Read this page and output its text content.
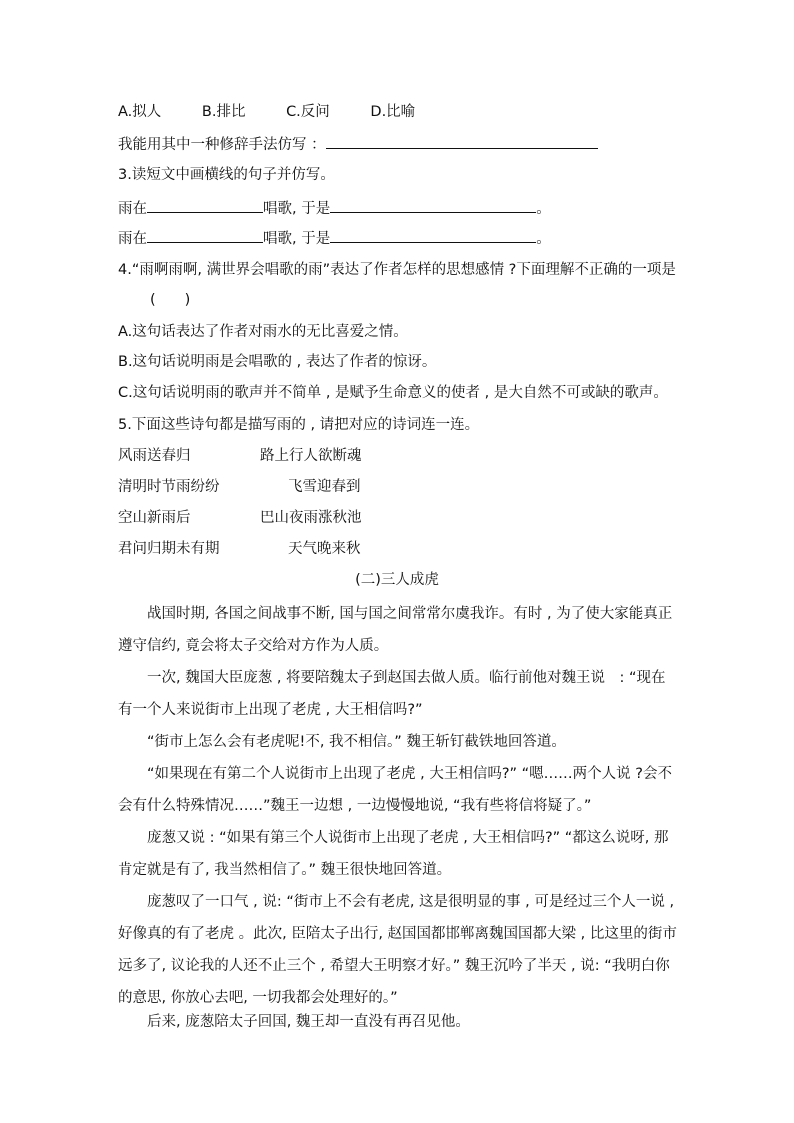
A.拟人	B.排比	C.反问	D.比喻
我能用其中一种修辞手法仿写 ：
3.读短文中画横线的句子并仿写。
雨在	唱歌, 于是	。
雨在	唱歌, 于是	。
4.“雨啊雨啊, 满世界会唱歌的雨”表达了作者怎样的思想感情 ?下面理解不正确的一项是
(　　)
A.这句话表达了作者对雨水的无比喜爱之情。
B.这句话说明雨是会唱歌的 , 表达了作者的惊讶。
C.这句话说明雨的歌声并不简单 , 是赋予生命意义的使者 , 是大自然不可或缺的歌声。
5.下面这些诗句都是描写雨的 , 请把对应的诗词连一连。
风雨送春归	路上行人欲断魂
清明时节雨纷纷	飞雪迎春到
空山新雨后	巴山夜雨涨秋池
君问归期未有期	天气晚来秋
(二)三人成虎
战国时期, 各国之间战事不断, 国与国之间常常尔虞我诈。有时 , 为了使大家能真正遵守信约, 竟会将太子交给对方作为人质。
一次, 魏国大臣庞葱 , 将要陪魏太子到赵国去做人质。临行前他对魏王说　: “现在有一个人来说街市上出现了老虎 , 大王相信吗?”
“街市上怎么会有老虎呢!不, 我不相信。” 魏王斩钉截铁地回答道。
“如果现在有第二个人说街市上出现了老虎 , 大王相信吗?” “嗯……两个人说 ?会不会有什么特殊情况……”魏王一边想 , 一边慢慢地说, “我有些将信将疑了。”
庞葱又说 : “如果有第三个人说街市上出现了老虎 , 大王相信吗?” “都这么说呀, 那肯定就是有了, 我当然相信了。” 魏王很快地回答道。
庞葱叹了一口气 , 说: “街市上不会有老虎, 这是很明显的事 , 可是经过三个人一说 , 好像真的有了老虎 。此次, 臣陪太子出行, 赵国国都邯郸离魏国国都大梁 , 比这里的街市远多了, 议论我的人还不止三个 , 希望大王明察才好。” 魏王沉吟了半天 , 说: “我明白你的意思, 你放心去吧, 一切我都会处理好的。”
后来, 庞葱陪太子回国, 魏王却一直没有再召见他。
